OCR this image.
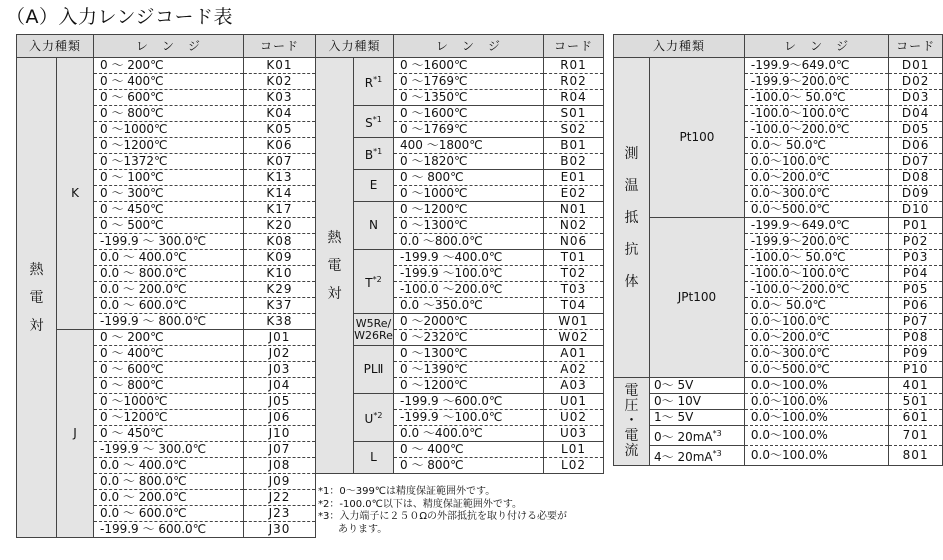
（A）入力レンジコード表
入力種類		レ　ン　ジ	コード
熱
電
対	K	0 ～ 200℃	K01
		0 ～ 400℃	K02
		0 ～ 600℃	K03
		0 ～ 800℃	K04
		0 ～1000℃	K05
		0 ～1200℃	K06
		0 ～1372℃	K07
		0 ～ 100℃	K13
		0 ～ 300℃	K14
		0 ～ 450℃	K17
		0 ～ 500℃	K20
		-199.9 ～ 300.0℃	K08
		0.0 ～ 400.0℃	K09
		0.0 ～ 800.0℃	K10
		0.0 ～ 200.0℃	K29
		0.0 ～ 600.0℃	K37
		-199.9 ～ 800.0℃	K38
	J	0 ～ 200℃	J01
		0 ～ 400℃	J02
		0 ～ 600℃	J03
		0 ～ 800℃	J04
		0 ～1000℃	J05
		0 ～1200℃	J06
		0 ～ 450℃	J10
		-199.9 ～ 300.0℃	J07
		0.0 ～ 400.0℃	J08
		0.0 ～ 800.0℃	J09
		0.0 ～ 200.0℃	J22
		0.0 ～ 600.0℃	J23
		-199.9 ～ 600.0℃	J30
入力種類		レ　ン　ジ	コード
熱
電
対	$R^{*1}$	0 ～1600℃	R01
		0 ～1769℃	R02
		0 ～1350℃	R04
	$S^{*1}$	0 ～1600℃	S01
		0 ～1769℃	S02
	$B^{*1}$	400 ～1800℃	B01
		0 ～1820℃	B02
	E	0 ～ 800℃	E01
		0 ～1000℃	E02
	N	0 ～1200℃	N01
		0 ～1300℃	N02
		0.0 ～800.0℃	N06
	$T^{*2}$	-199.9 ～400.0℃	T01
		-199.9 ～100.0℃	T02
		-100.0 ～200.0℃	T03
		0.0 ～350.0℃	T04

	W5Re/
W26Re	0 ～2000℃	W01
		0 ～2320℃	W02
	PLⅡ	0 ～1300℃	A01
		0 ～1390℃	A02
		0 ～1200℃	A03
	$U^{*2}$	-199.9 ～600.0℃	U01
		-199.9 ～100.0℃	U02
		0.0 ～400.0℃	U03
	L	0 ～ 400℃	L01
		0 ～ 800℃	L02
入力種類		レ　ン　ジ	コード
測
温
抵
抗
体	Pt100	-199.9～649.0℃	D01
		-199.9～200.0℃	D02
		-100.0～ 50.0℃	D03
		-100.0～100.0℃	D04
		-100.0～200.0℃	D05
		0.0～ 50.0℃	D06
		0.0～100.0℃	D07
		0.0～200.0℃	D08
		0.0～300.0℃	D09
		0.0～500.0℃	D10
	JPt100	-199.9～649.0℃	P01
		-199.9～200.0℃	P02
		-100.0～ 50.0℃	P03
		-100.0～100.0℃	P04
		-100.0～200.0℃	P05
		0.0～ 50.0℃	P06
		0.0～100.0℃	P07
		0.0～200.0℃	P08
		0.0～300.0℃	P09
		0.0～500.0℃	P10
電
圧
・
電
流	0～ 5V	0.0～100.0%	401
	0～ 10V	0.0～100.0%	501
	1～ 5V	0.0～100.0%	601
	0～ $20mA^{*3}$	0.0～100.0%	701
	4～ $20mA^{*3}$	0.0～100.0%	801
*1：0～399℃は精度保証範囲外です。
*2：-100.0℃以下は、精度保証範囲外です。
*3：入力端子に２５０Ωの外部抵抗を取り付ける必要が
　　あります。
